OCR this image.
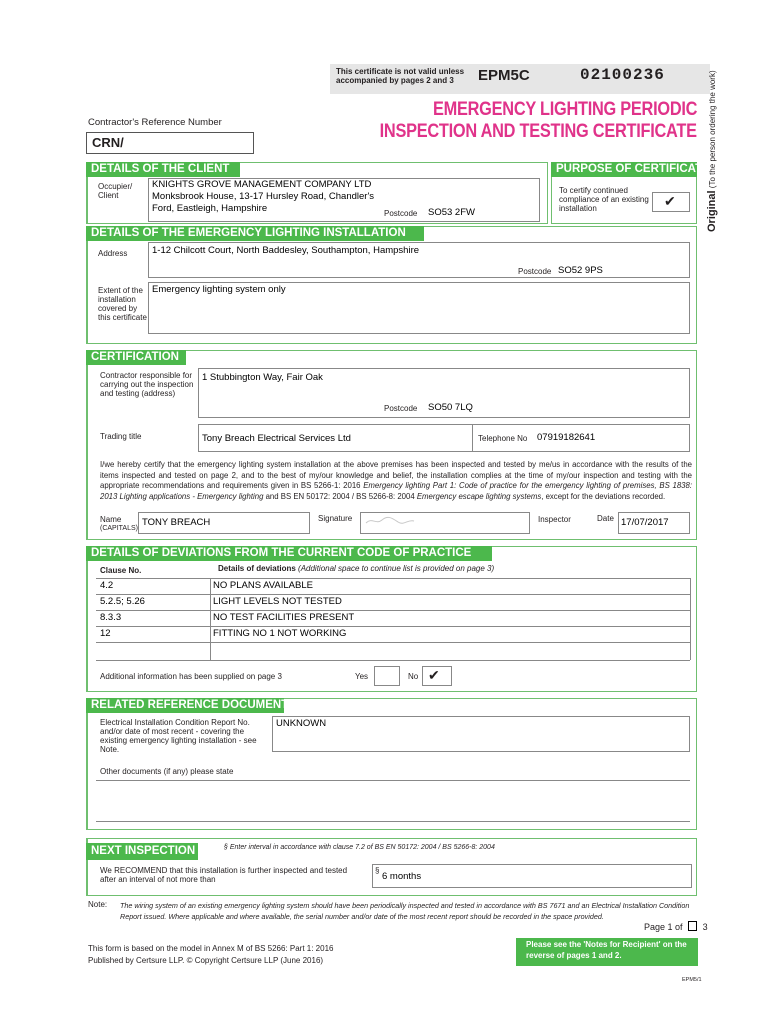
This certificate is not valid unless accompanied by pages 2 and 3	EPM5C	02100236
EMERGENCY LIGHTING PERIODIC
INSPECTION AND TESTING CERTIFICATE
Contractor's Reference Number
CRN/
Original (To the person ordering the work)
DETAILS OF THE CLIENT
Occupier/ Client
KNIGHTS GROVE MANAGEMENT COMPANY LTD
Monksbrook House, 13-17 Hursley Road, Chandler's
Ford, Eastleigh, Hampshire	Postcode SO53 2FW
PURPOSE OF CERTIFICATE
To certify continued compliance of an existing installation	✔
DETAILS OF THE EMERGENCY LIGHTING INSTALLATION
Address	1-12 Chilcott Court, North Baddesley, Southampton, Hampshire
Postcode SO52 9PS
Extent of the installation covered by this certificate
Emergency lighting system only
CERTIFICATION
Contractor responsible for carrying out the inspection and testing (address)
1 Stubbington Way, Fair Oak
Postcode SO50 7LQ
Trading title	Tony Breach Electrical Services Ltd	Telephone No 07919182641
I/we hereby certify that the emergency lighting system installation at the above premises has been inspected and tested by me/us in accordance with the results of the items inspected and tested on page 2, and to the best of my/our knowledge and belief, the installation complies at the time of my/our inspection and testing with the appropriate recommendations and requirements given in BS 5266-1: 2016 Emergency lighting Part 1: Code of practice for the emergency lighting of premises, BS 1838: 2013 Lighting applications - Emergency lighting and BS EN 50172: 2004 / BS 5266-8: 2004 Emergency escape lighting systems, except for the deviations recorded.
Name
(CAPITALS)
TONY BREACH	Signature	Inspector	Date 17/07/2017
DETAILS OF DEVIATIONS FROM THE CURRENT CODE OF PRACTICE
Clause No.	Details of deviations (Additional space to continue list is provided on page 3)
4.2	NO PLANS AVAILABLE
5.2.5; 5.26	LIGHT LEVELS NOT TESTED
8.3.3	NO TEST FACILITIES PRESENT
12	FITTING NO 1 NOT WORKING
Additional information has been supplied on page 3	Yes	No ✔
RELATED REFERENCE DOCUMENTS
Electrical Installation Condition Report No. and/or date of most recent - covering the existing emergency lighting installation - see Note.
UNKNOWN
Other documents (if any) please state
NEXT INSPECTION	§ Enter interval in accordance with clause 7.2 of BS EN 50172: 2004 / BS 5266-8: 2004
We RECOMMEND that this installation is further inspected and tested after an interval of not more than
§
6 months
Note: The wiring system of an existing emergency lighting system should have been periodically inspected and tested in accordance with BS 7671 and an Electrical Installation Condition Report issued. Where applicable and where available, the serial number and/or date of the most recent report should be recorded in the space provided.
Page 1 of 3
This form is based on the model in Annex M of BS 5266: Part 1: 2016
Published by Certsure LLP. © Copyright Certsure LLP (June 2016)
Please see the 'Notes for Recipient' on the reverse of pages 1 and 2.
EPM5/1
